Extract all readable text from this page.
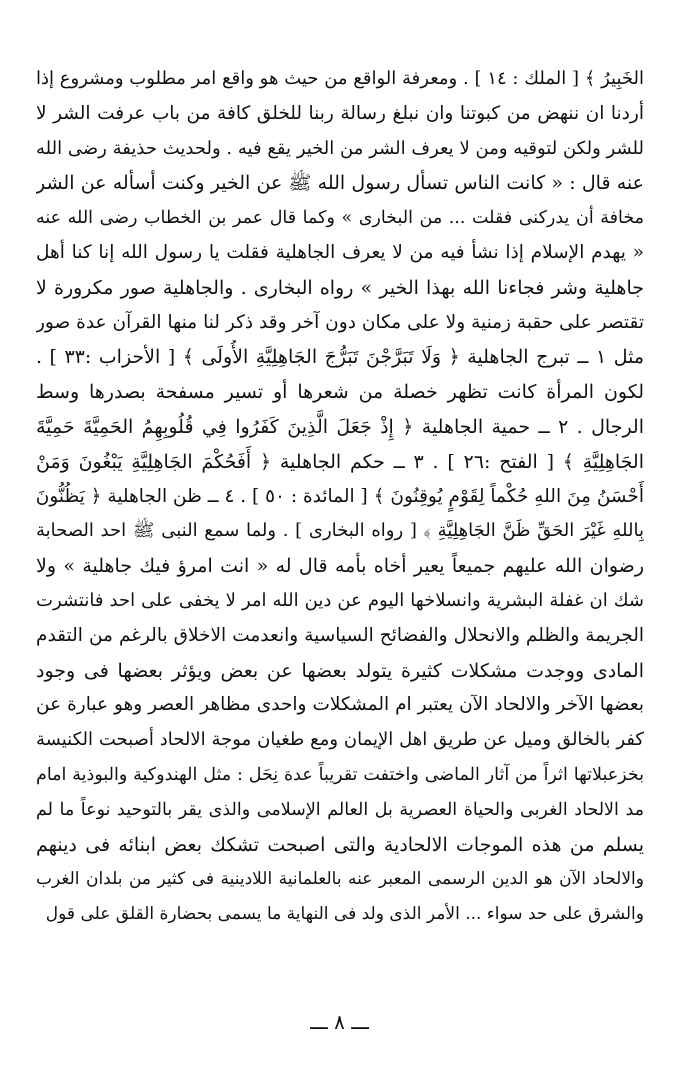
الخَبِيرُ ﴾ [ الملك : ١٤ ] . ومعرفة الواقع من حيث هو واقع امر مطلوب ومشروع إذا
أردنا ان ننهض من كبوتنا وان نبلغ رسالة ربنا للخلق كافة من باب عرفت الشر لا
للشر ولكن لتوقيه ومن لا يعرف الشر من الخير يقع فيه . ولحديث حذيفة رضى الله
عنه قال : « كانت الناس تسأل رسول الله ﷺ عن الخير وكنت أسأله عن الشر
مخافة أن يدركنى فقلت ... من البخارى » وكما قال عمر بن الخطاب رضى الله عنه
« يهدم الإسلام إذا نشأ فيه من لا يعرف الجاهلية فقلت يا رسول الله إنا كنا أهل
جاهلية وشر فجاءنا الله بهذا الخير » رواه البخارى . والجاهلية صور مكرورة لا
تقتصر على حقبة زمنية ولا على مكان دون آخر وقد ذكر لنا منها القرآن عدة صور
مثل ١ ــ تبرج الجاهلية ﴿ وَلَا تَبَرَّجْنَ تَبَرُّجَ الجَاهِلِيَّةِ الأُولَى ﴾ [ الأحزاب :٣٣ ] .
لكون المرأة كانت تظهر خصلة من شعرها أو تسير مسفحة بصدرها وسط
الرجال . ٢ ــ حمية الجاهلية ﴿ إِذْ جَعَلَ الَّذِينَ كَفَرُوا فِي قُلُوبِهِمُ الحَمِيَّةَ حَمِيَّةَ
الجَاهِلِيَّةِ ﴾ [ الفتح :٢٦ ] . ٣ ــ حكم الجاهلية ﴿ أَفَحُكْمَ الجَاهِلِيَّةِ يَبْغُونَ وَمَنْ
أَحْسَنُ مِنَ اللهِ حُكْماً لِقَوْمٍ يُوقِنُونَ ﴾ [ المائدة : ٥٠ ] . ٤ ــ ظن الجاهلية ﴿ يَظُنُّونَ
بِاللهِ غَيْرَ الحَقِّ ظَنَّ الجَاهِلِيَّةِ ﴾ [ رواه البخارى ] . ولما سمع النبى ﷺ احد الصحابة
رضوان الله عليهم جميعاً يعير أخاه بأمه قال له « انت امرؤ فيك جاهلية » ولا
شك ان غفلة البشرية وانسلاخها اليوم عن دين الله امر لا يخفى على احد فانتشرت
الجريمة والظلم والانحلال والفضائح السياسية وانعدمت الاخلاق بالرغم من التقدم
المادى ووجدت مشكلات كثيرة يتولد بعضها عن بعض ويؤثر بعضها فى وجود
بعضها الآخر والالحاد الآن يعتبر ام المشكلات واحدى مظاهر العصر وهو عبارة عن
كفر بالخالق وميل عن طريق اهل الإيمان ومع طغيان موجة الالحاد أصبحت الكنيسة
بخزعبلاتها اثراً من آثار الماضى واختفت تقريباً عدة نِحَل : مثل الهندوكية والبوذية امام
مد الالحاد الغربى والحياة العصرية بل العالم الإسلامى والذى يقر بالتوحيد نوعاً ما لم
يسلم من هذه الموجات الالحادية والتى اصبحت تشكك بعض ابنائه فى دينهم
والالحاد الآن هو الدين الرسمى المعبر عنه بالعلمانية اللادينية فى كثير من بلدان الغرب
والشرق على حد سواء ... الأمر الذى ولد فى النهاية ما يسمى بحضارة القلق على قول
ـــ ٨ ـــ
